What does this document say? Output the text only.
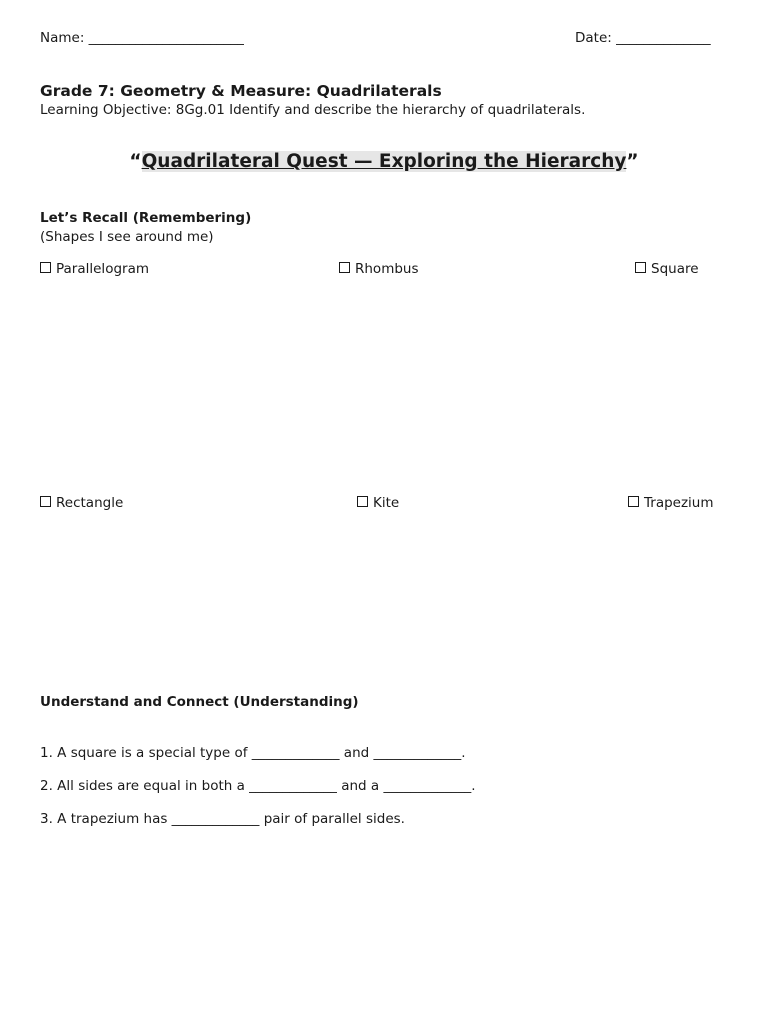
Name: _______________________	Date: ______________
Grade 7: Geometry & Measure: Quadrilaterals
Learning Objective: 8Gg.01 Identify and describe the hierarchy of quadrilaterals.
“Quadrilateral Quest — Exploring the Hierarchy”
Let’s Recall (Remembering)
(Shapes I see around me)
Parallelogram	Rhombus	Square
Rectangle	Kite	Trapezium
Understand and Connect (Understanding)
1. A square is a special type of _____________ and _____________.
2. All sides are equal in both a _____________ and a _____________.
3. A trapezium has _____________ pair of parallel sides.
